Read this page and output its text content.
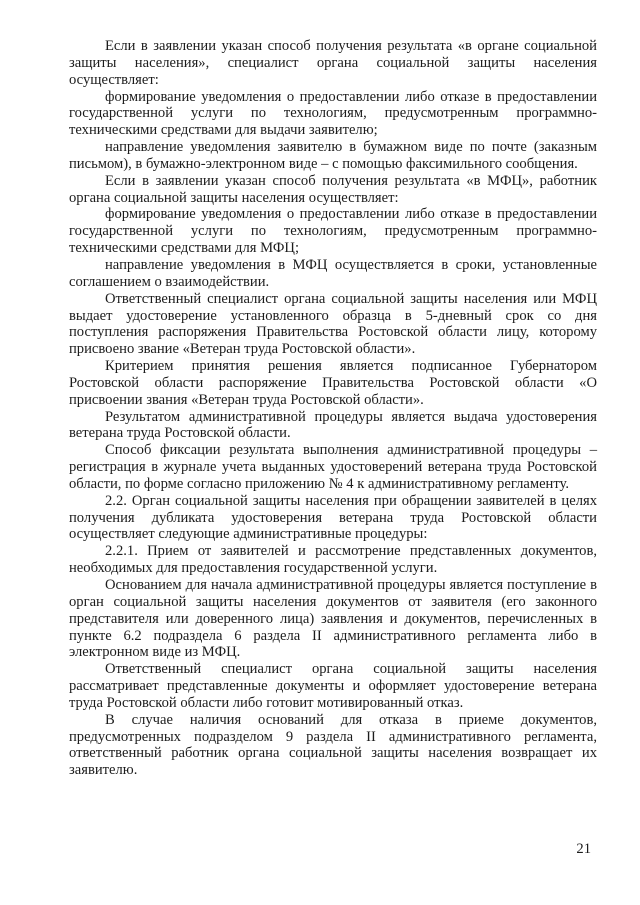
Если в заявлении указан способ получения результата «в органе социальной защиты населения», специалист органа социальной защиты населения осуществляет:

формирование уведомления о предоставлении либо отказе в предоставлении государственной услуги по технологиям, предусмотренным программно-техническими средствами для выдачи заявителю;

направление уведомления заявителю в бумажном виде по почте (заказным письмом), в бумажно-электронном виде – с помощью факсимильного сообщения.

Если в заявлении указан способ получения результата «в МФЦ», работник органа социальной защиты населения осуществляет:

формирование уведомления о предоставлении либо отказе в предоставлении государственной услуги по технологиям, предусмотренным программно-техническими средствами для МФЦ;

направление уведомления в МФЦ осуществляется в сроки, установленные соглашением о взаимодействии.

Ответственный специалист органа социальной защиты населения или МФЦ выдает удостоверение установленного образца в 5-дневный срок со дня поступления распоряжения Правительства Ростовской области лицу, которому присвоено звание «Ветеран труда Ростовской области».

Критерием принятия решения является подписанное Губернатором Ростовской области распоряжение Правительства Ростовской области «О присвоении звания «Ветеран труда Ростовской области».

Результатом административной процедуры является выдача удостоверения ветерана труда Ростовской области.

Способ фиксации результата выполнения административной процедуры – регистрация в журнале учета выданных удостоверений ветерана труда Ростовской области, по форме согласно приложению № 4 к административному регламенту.

2.2. Орган социальной защиты населения при обращении заявителей в целях получения дубликата удостоверения ветерана труда Ростовской области осуществляет следующие административные процедуры:

2.2.1. Прием от заявителей и рассмотрение представленных документов, необходимых для предоставления государственной услуги.

Основанием для начала административной процедуры является поступление в орган социальной защиты населения документов от заявителя (его законного представителя или доверенного лица) заявления и документов, перечисленных в пункте 6.2 подраздела 6 раздела II административного регламента либо в электронном виде из МФЦ.

Ответственный специалист органа социальной защиты населения рассматривает представленные документы и оформляет удостоверение ветерана труда Ростовской области либо готовит мотивированный отказ.

В случае наличия оснований для отказа в приеме документов, предусмотренных подразделом 9 раздела II административного регламента, ответственный работник органа социальной защиты населения возвращает их заявителю.

21
